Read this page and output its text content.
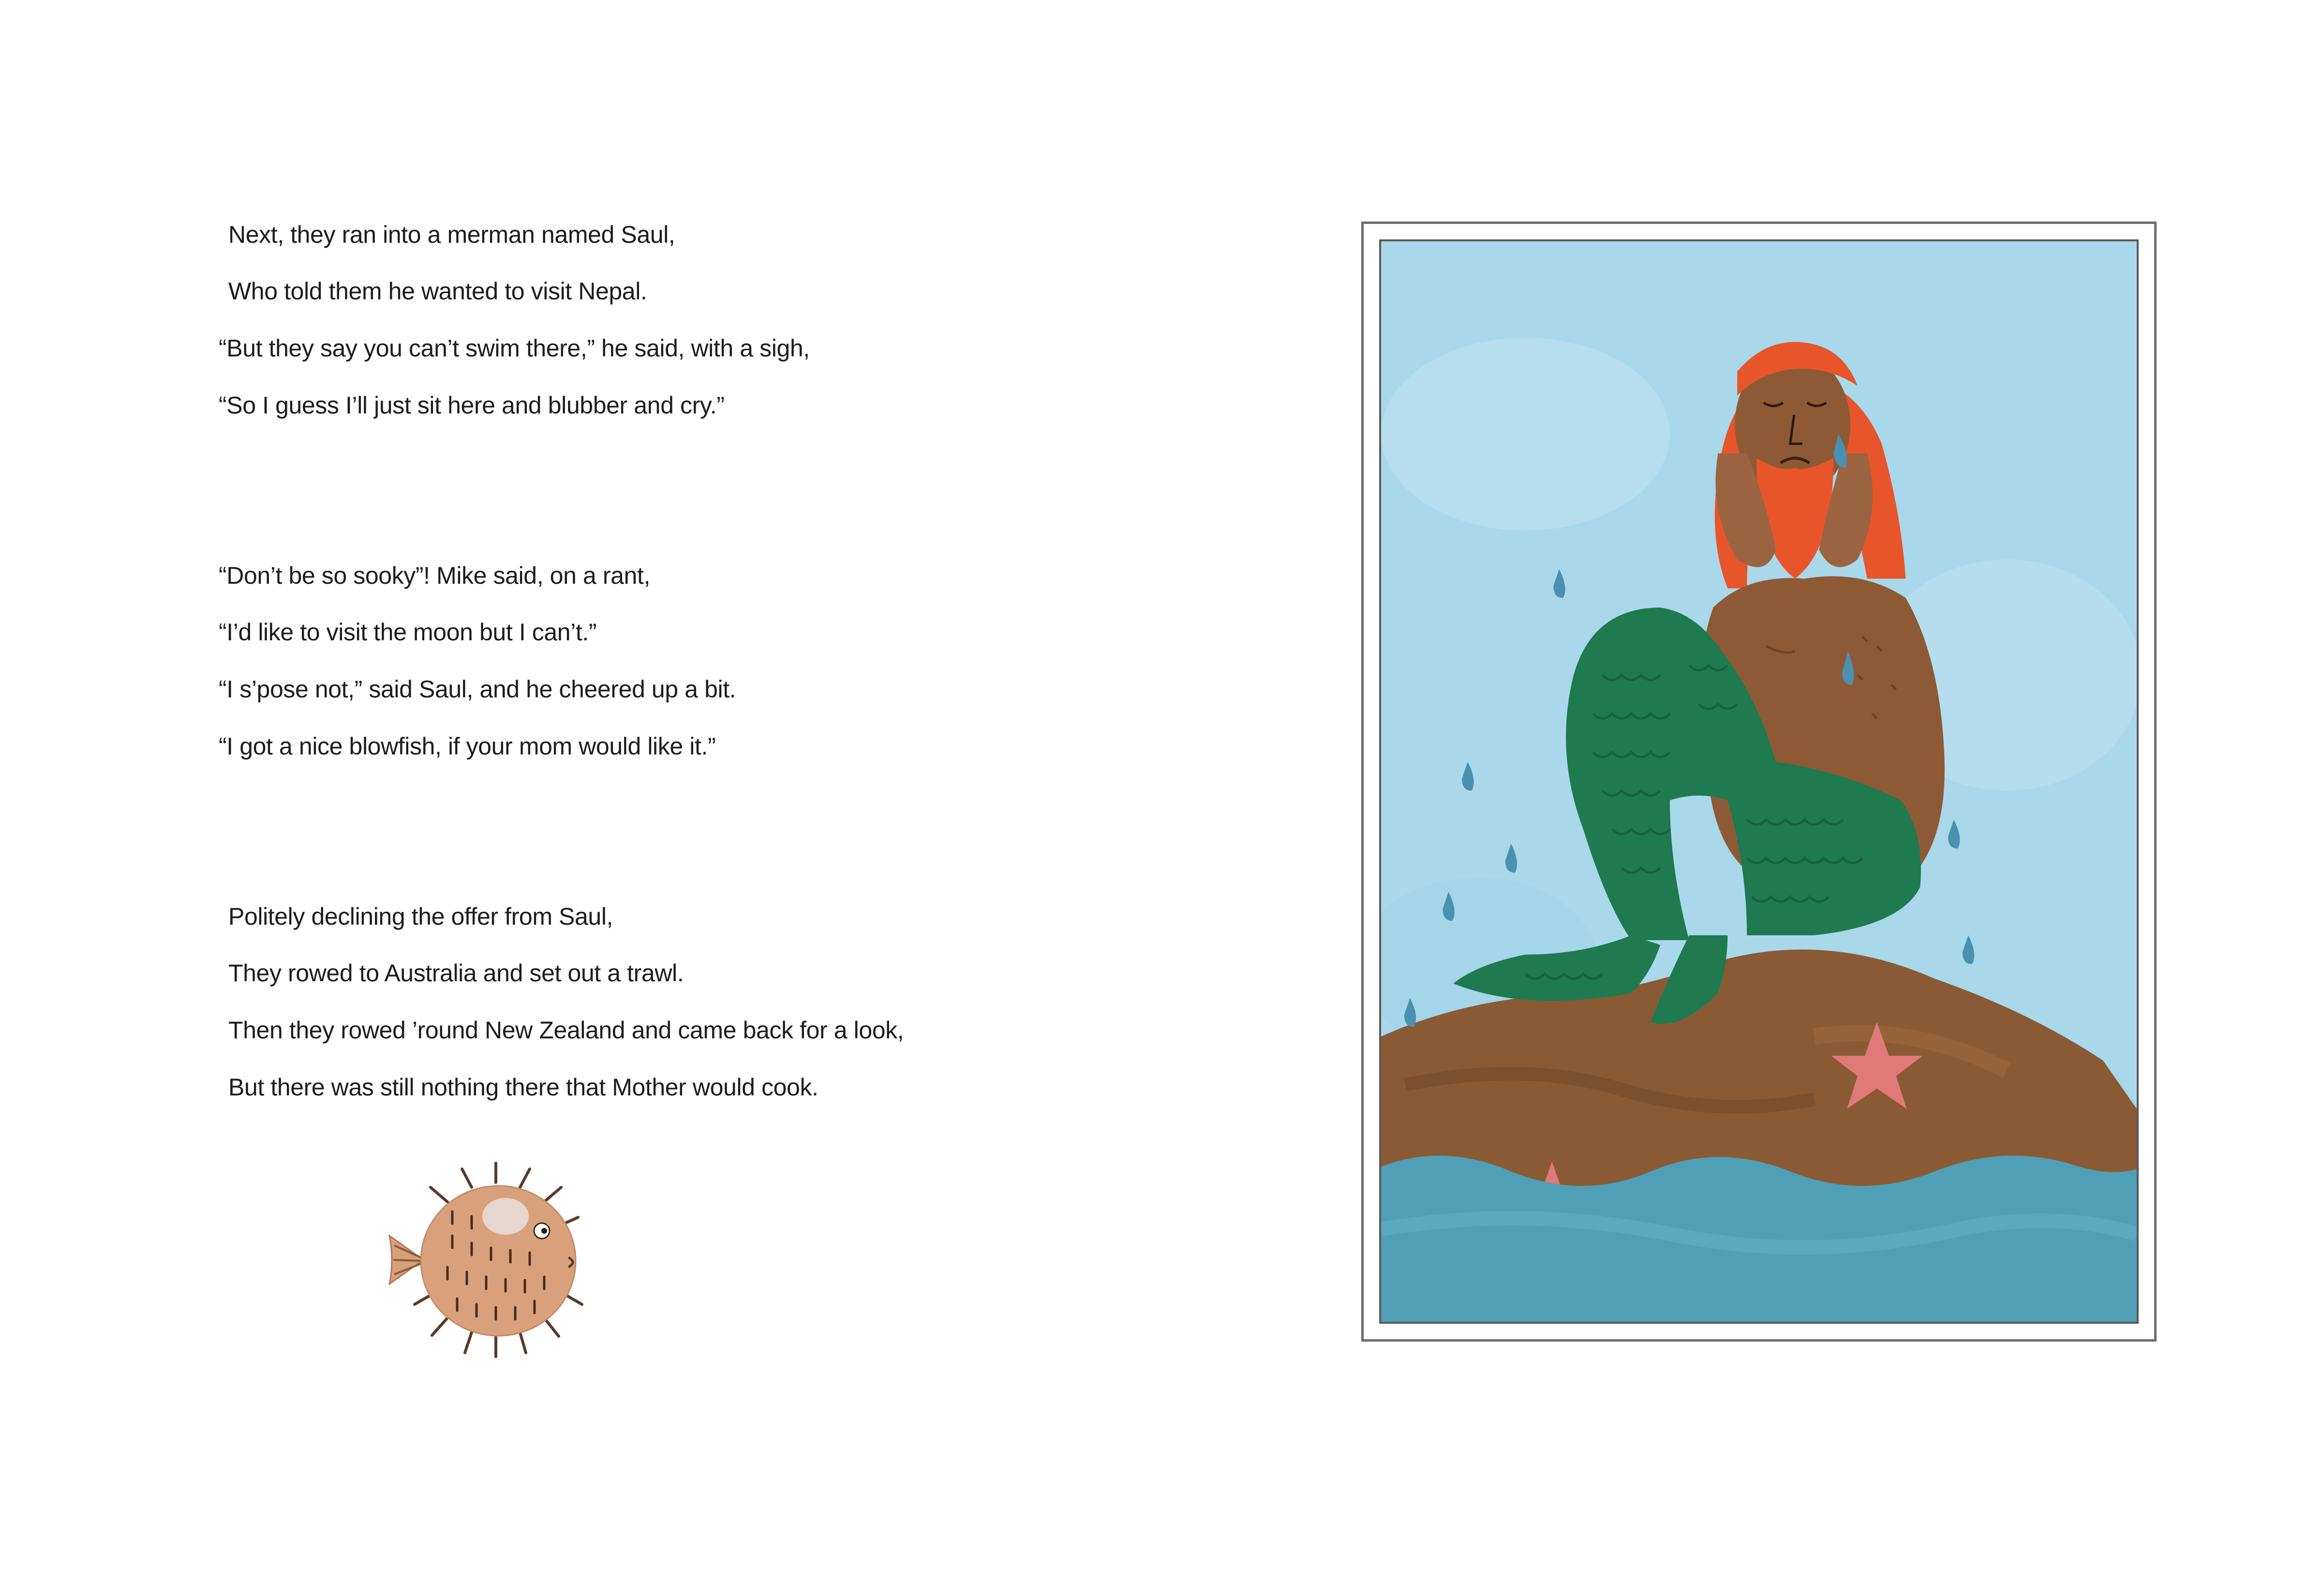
Next, they ran into a merman named Saul,
Who told them he wanted to visit Nepal.
“But they say you can’t swim there,” he said, with a sigh,
“So I guess I’ll just sit here and blubber and cry.”
“Don’t be so sooky”! Mike said, on a rant,
“I’d like to visit the moon but I can’t.”
“I s’pose not,” said Saul, and he cheered up a bit.
“I got a nice blowfish, if your mom would like it.”
Politely declining the offer from Saul,
They rowed to Australia and set out a trawl.
Then they rowed ’round New Zealand and came back for a look,
But there was still nothing there that Mother would cook.
